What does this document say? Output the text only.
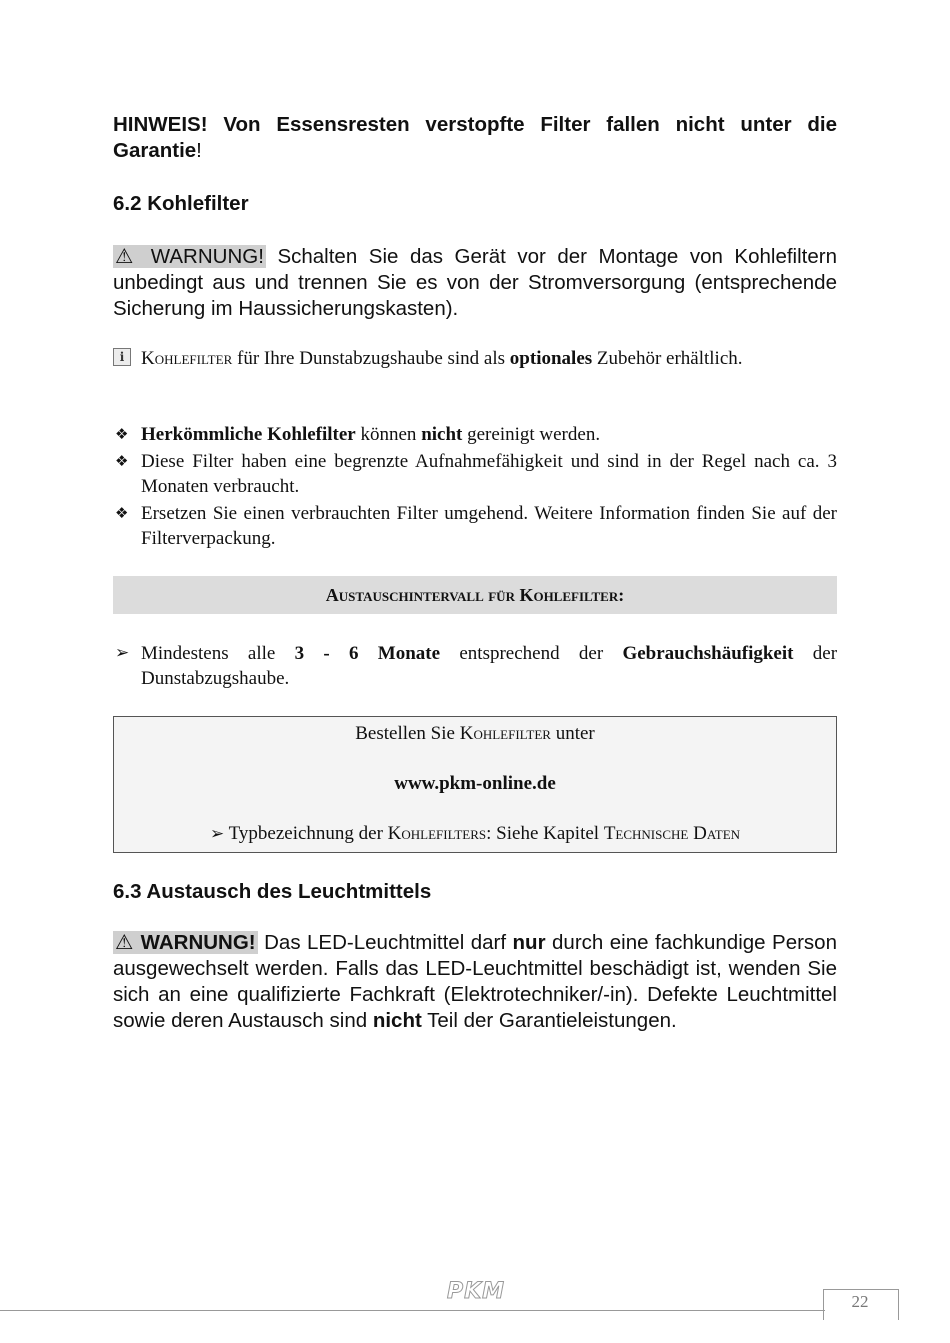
HINWEIS! Von Essensresten verstopfte Filter fallen nicht unter die Garantie!
6.2 Kohlefilter
⚠ WARNUNG! Schalten Sie das Gerät vor der Montage von Kohlefiltern unbedingt aus und trennen Sie es von der Stromversorgung (entsprechende Sicherung im Haussicherungskasten).
i Kohlefilter für Ihre Dunstabzugshaube sind als optionales Zubehör erhältlich.
❖ Herkömmliche Kohlefilter können nicht gereinigt werden.
❖ Diese Filter haben eine begrenzte Aufnahmefähigkeit und sind in der Regel nach ca. 3 Monaten verbraucht.
❖ Ersetzen Sie einen verbrauchten Filter umgehend. Weitere Information finden Sie auf der Filterverpackung.
Austauschintervall für Kohlefilter:
➢ Mindestens alle 3 - 6 Monate entsprechend der Gebrauchshäufigkeit der Dunstabzugshaube.
Bestellen Sie Kohlefilter unter
www.pkm-online.de
➢ Typbezeichnung der Kohlefilters: Siehe Kapitel Technische Daten
6.3 Austausch des Leuchtmittels
⚠ WARNUNG! Das LED-Leuchtmittel darf nur durch eine fachkundige Person ausgewechselt werden. Falls das LED-Leuchtmittel beschädigt ist, wenden Sie sich an eine qualifizierte Fachkraft (Elektrotechniker/-in). Defekte Leuchtmittel sowie deren Austausch sind nicht Teil der Garantieleistungen.
PKM	22
